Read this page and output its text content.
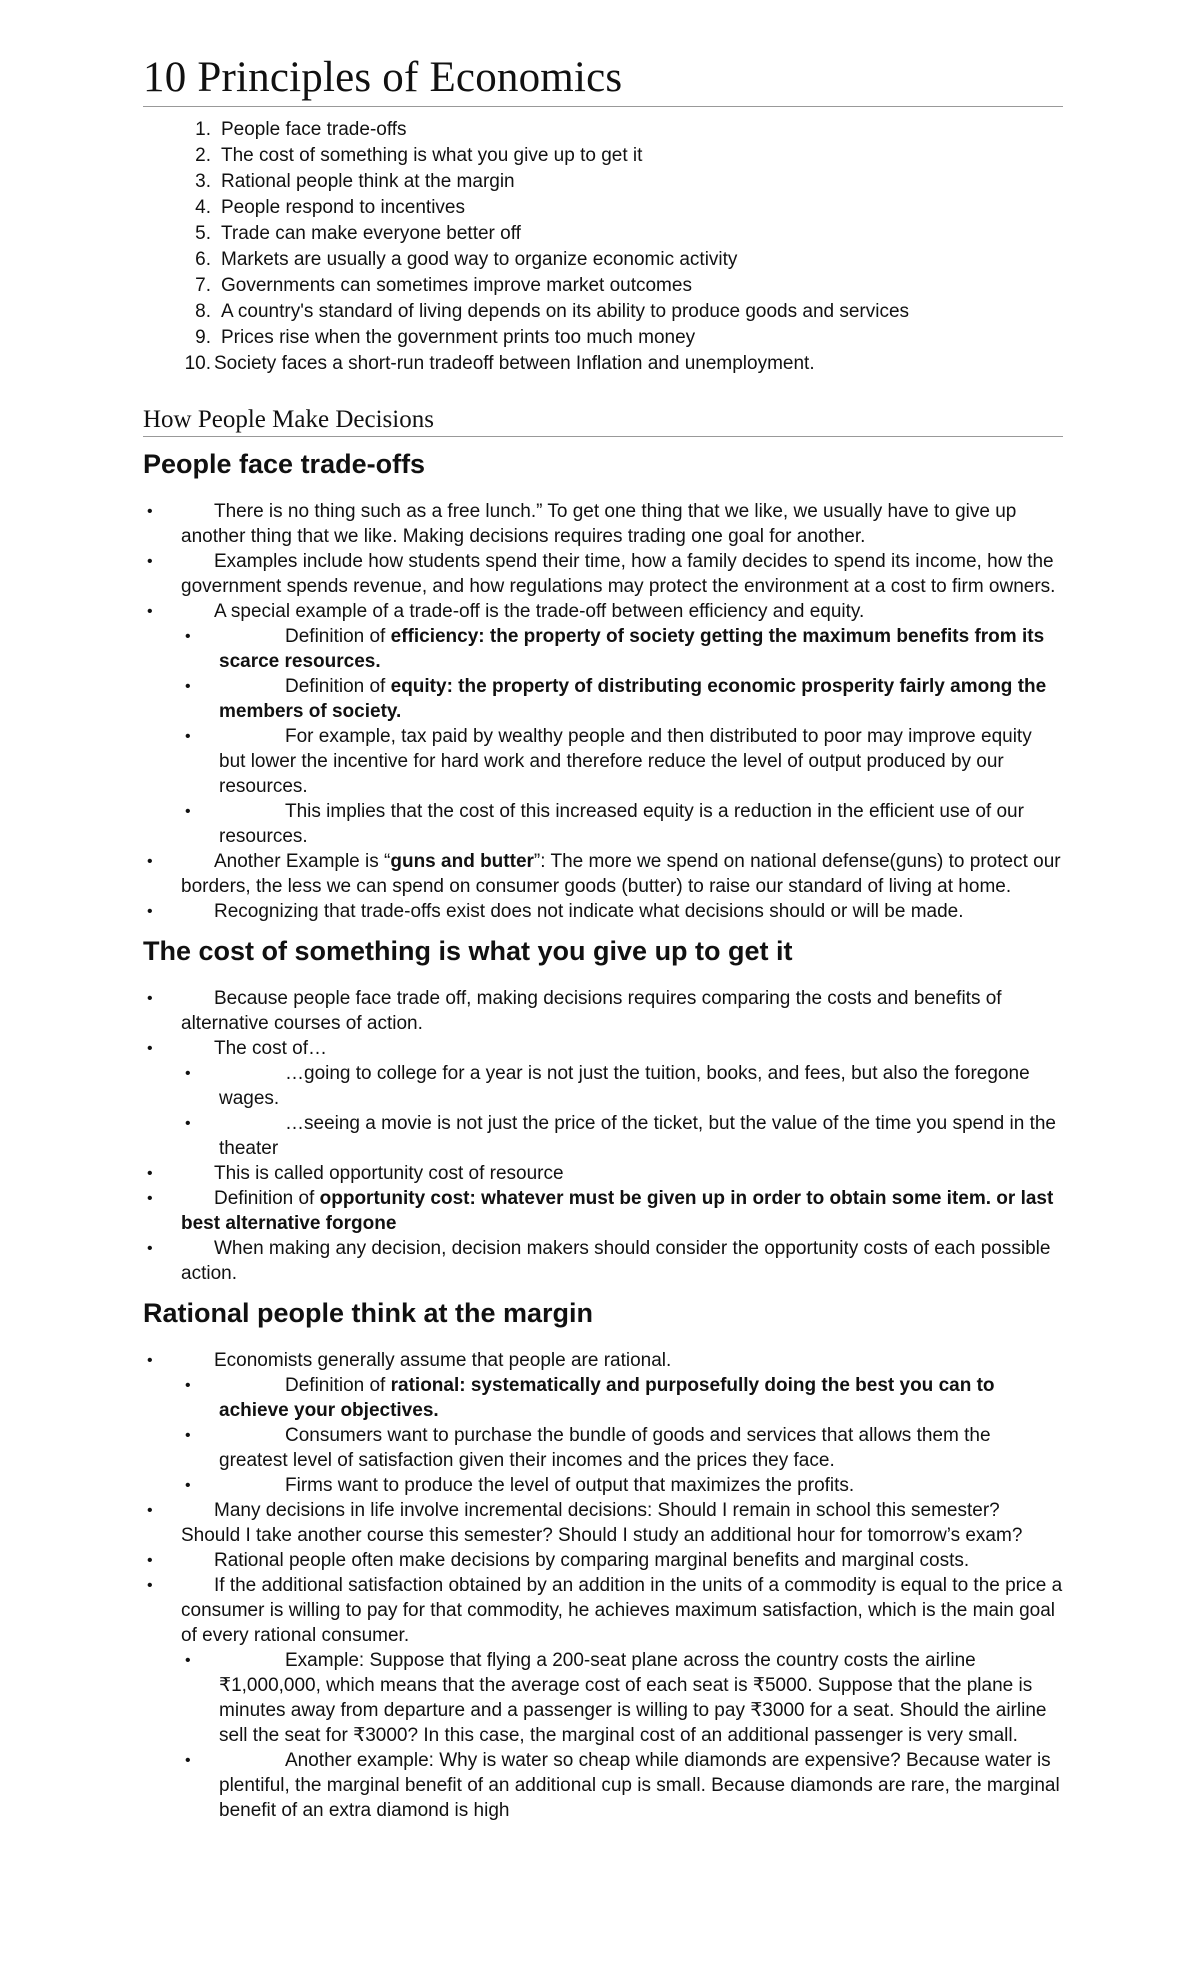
10 Principles of Economics
1. People face trade-offs
2. The cost of something is what you give up to get it
3. Rational people think at the margin
4. People respond to incentives
5. Trade can make everyone better off
6. Markets are usually a good way to organize economic activity
7. Governments can sometimes improve market outcomes
8. A country's standard of living depends on its ability to produce goods and services
9. Prices rise when the government prints too much money
10. Society faces a short-run tradeoff between Inflation and unemployment.
How People Make Decisions
People face trade-offs
•	There is no thing such as a free lunch.” To get one thing that we like, we usually have to give up another thing that we like. Making decisions requires trading one goal for another.
•	Examples include how students spend their time, how a family decides to spend its income, how the government spends revenue, and how regulations may protect the environment at a cost to firm owners.
•	A special example of a trade-off is the trade-off between efficiency and equity.
•	Definition of efficiency: the property of society getting the maximum benefits from its scarce resources.
•	Definition of equity: the property of distributing economic prosperity fairly among the members of society.
•	For example, tax paid by wealthy people and then distributed to poor may improve equity but lower the incentive for hard work and therefore reduce the level of output produced by our resources.
•	This implies that the cost of this increased equity is a reduction in the efficient use of our resources.
•	Another Example is “guns and butter”: The more we spend on national defense(guns) to protect our borders, the less we can spend on consumer goods (butter) to raise our standard of living at home.
•	Recognizing that trade-offs exist does not indicate what decisions should or will be made.
The cost of something is what you give up to get it
•	Because people face trade off, making decisions requires comparing the costs and benefits of alternative courses of action.
•	The cost of…
•	…going to college for a year is not just the tuition, books, and fees, but also the foregone wages.
•	…seeing a movie is not just the price of the ticket, but the value of the time you spend in the theater
•	This is called opportunity cost of resource
•	Definition of opportunity cost: whatever must be given up in order to obtain some item. or last best alternative forgone
•	When making any decision, decision makers should consider the opportunity costs of each possible action.
Rational people think at the margin
•	Economists generally assume that people are rational.
•	Definition of rational: systematically and purposefully doing the best you can to achieve your objectives.
•	Consumers want to purchase the bundle of goods and services that allows them the greatest level of satisfaction given their incomes and the prices they face.
•	Firms want to produce the level of output that maximizes the profits.
•	Many decisions in life involve incremental decisions: Should I remain in school this semester? Should I take another course this semester? Should I study an additional hour for tomorrow’s exam?
•	Rational people often make decisions by comparing marginal benefits and marginal costs.
•	If the additional satisfaction obtained by an addition in the units of a commodity is equal to the price a consumer is willing to pay for that commodity, he achieves maximum satisfaction, which is the main goal of every rational consumer.
•	Example: Suppose that flying a 200-seat plane across the country costs the airline ₹1,000,000, which means that the average cost of each seat is ₹5000. Suppose that the plane is minutes away from departure and a passenger is willing to pay ₹3000 for a seat. Should the airline sell the seat for ₹3000? In this case, the marginal cost of an additional passenger is very small.
•	Another example: Why is water so cheap while diamonds are expensive? Because water is plentiful, the marginal benefit of an additional cup is small. Because diamonds are rare, the marginal benefit of an extra diamond is high
